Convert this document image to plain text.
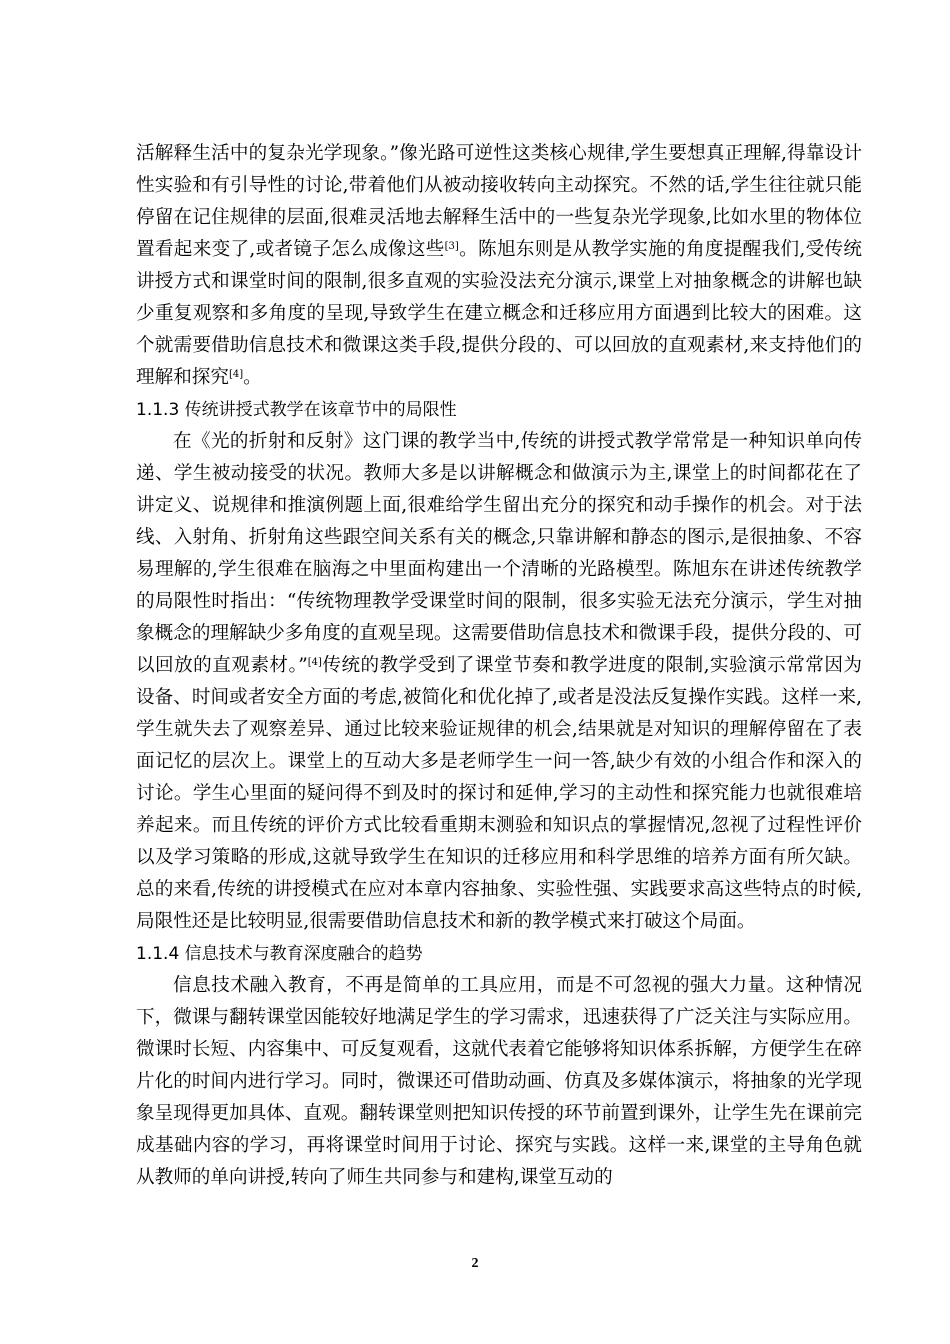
活解释生活中的复杂光学现象。”像光路可逆性这类核心规律,学生要想真正理解,得靠设计性实验和有引导性的讨论,带着他们从被动接收转向主动探究。不然的话,学生往往就只能停留在记住规律的层面,很难灵活地去解释生活中的一些复杂光学现象,比如水里的物体位置看起来变了,或者镜子怎么成像这些[3]。陈旭东则是从教学实施的角度提醒我们,受传统讲授方式和课堂时间的限制,很多直观的实验没法充分演示,课堂上对抽象概念的讲解也缺少重复观察和多角度的呈现,导致学生在建立概念和迁移应用方面遇到比较大的困难。这个就需要借助信息技术和微课这类手段,提供分段的、可以回放的直观素材,来支持他们的理解和探究[4]。

1.1.3 传统讲授式教学在该章节中的局限性

在《光的折射和反射》这门课的教学当中,传统的讲授式教学常常是一种知识单向传递、学生被动接受的状况。教师大多是以讲解概念和做演示为主,课堂上的时间都花在了讲定义、说规律和推演例题上面,很难给学生留出充分的探究和动手操作的机会。对于法线、入射角、折射角这些跟空间关系有关的概念,只靠讲解和静态的图示,是很抽象、不容易理解的,学生很难在脑海之中里面构建出一个清晰的光路模型。陈旭东在讲述传统教学的局限性时指出：“传统物理教学受课堂时间的限制，很多实验无法充分演示，学生对抽象概念的理解缺少多角度的直观呈现。这需要借助信息技术和微课手段，提供分段的、可以回放的直观素材。”[4]传统的教学受到了课堂节奏和教学进度的限制,实验演示常常因为设备、时间或者安全方面的考虑,被简化和优化掉了,或者是没法反复操作实践。这样一来,学生就失去了观察差异、通过比较来验证规律的机会,结果就是对知识的理解停留在了表面记忆的层次上。课堂上的互动大多是老师学生一问一答,缺少有效的小组合作和深入的讨论。学生心里面的疑问得不到及时的探讨和延伸,学习的主动性和探究能力也就很难培养起来。而且传统的评价方式比较看重期末测验和知识点的掌握情况,忽视了过程性评价以及学习策略的形成,这就导致学生在知识的迁移应用和科学思维的培养方面有所欠缺。总的来看,传统的讲授模式在应对本章内容抽象、实验性强、实践要求高这些特点的时候,局限性还是比较明显,很需要借助信息技术和新的教学模式来打破这个局面。

1.1.4 信息技术与教育深度融合的趋势

信息技术融入教育，不再是简单的工具应用，而是不可忽视的强大力量。这种情况下，微课与翻转课堂因能较好地满足学生的学习需求，迅速获得了广泛关注与实际应用。微课时长短、内容集中、可反复观看，这就代表着它能够将知识体系拆解，方便学生在碎片化的时间内进行学习。同时，微课还可借助动画、仿真及多媒体演示，将抽象的光学现象呈现得更加具体、直观。翻转课堂则把知识传授的环节前置到课外，让学生先在课前完成基础内容的学习，再将课堂时间用于讨论、探究与实践。这样一来,课堂的主导角色就从教师的单向讲授,转向了师生共同参与和建构,课堂互动的

2
